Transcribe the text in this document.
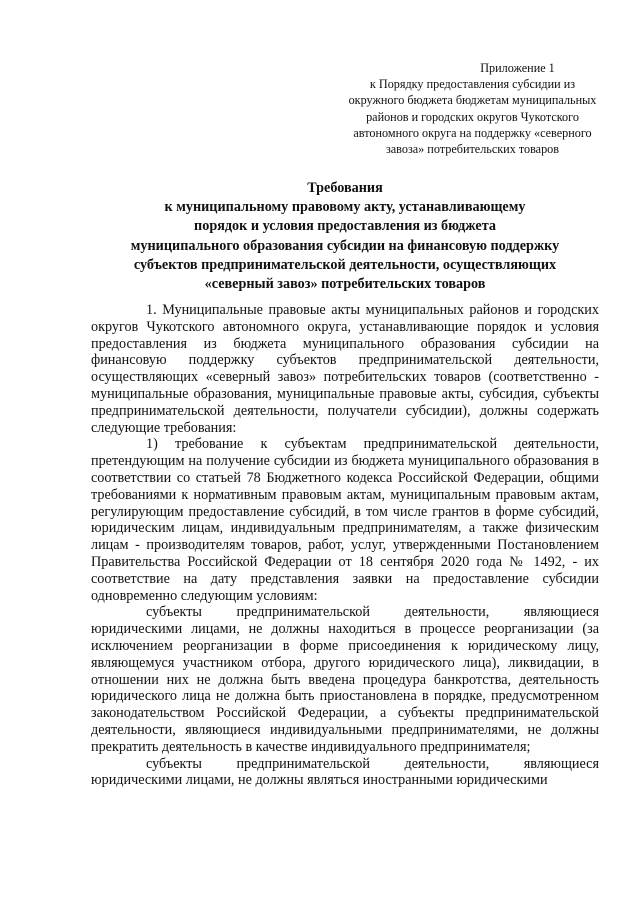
Приложение 1
к Порядку предоставления субсидии из
окружного бюджета бюджетам муниципальных
районов и городских округов Чукотского
автономного округа на поддержку «северного
завоза» потребительских товаров
Требования
к муниципальному правовому акту, устанавливающему
порядок и условия предоставления из бюджета
муниципального образования субсидии на финансовую поддержку
субъектов предпринимательской деятельности, осуществляющих
«северный завоз» потребительских товаров
1. Муниципальные правовые акты муниципальных районов и городских округов Чукотского автономного округа, устанавливающие порядок и условия предоставления из бюджета муниципального образования субсидии на финансовую поддержку субъектов предпринимательской деятельности, осуществляющих «северный завоз» потребительских товаров (соответственно - муниципальные образования, муниципальные правовые акты, субсидия, субъекты предпринимательской деятельности, получатели субсидии), должны содержать следующие требования:
1) требование к субъектам предпринимательской деятельности, претендующим на получение субсидии из бюджета муниципального образования в соответствии со статьей 78 Бюджетного кодекса Российской Федерации, общими требованиями к нормативным правовым актам, муниципальным правовым актам, регулирующим предоставление субсидий, в том числе грантов в форме субсидий, юридическим лицам, индивидуальным предпринимателям, а также физическим лицам - производителям товаров, работ, услуг, утвержденными Постановлением Правительства Российской Федерации от 18 сентября 2020 года № 1492, - их соответствие на дату представления заявки на предоставление субсидии одновременно следующим условиям:
субъекты предпринимательской деятельности, являющиеся юридическими лицами, не должны находиться в процессе реорганизации (за исключением реорганизации в форме присоединения к юридическому лицу, являющемуся участником отбора, другого юридического лица), ликвидации, в отношении них не должна быть введена процедура банкротства, деятельность юридического лица не должна быть приостановлена в порядке, предусмотренном законодательством Российской Федерации, а субъекты предпринимательской деятельности, являющиеся индивидуальными предпринимателями, не должны прекратить деятельность в качестве индивидуального предпринимателя;
субъекты предпринимательской деятельности, являющиеся юридическими лицами, не должны являться иностранными юридическими
